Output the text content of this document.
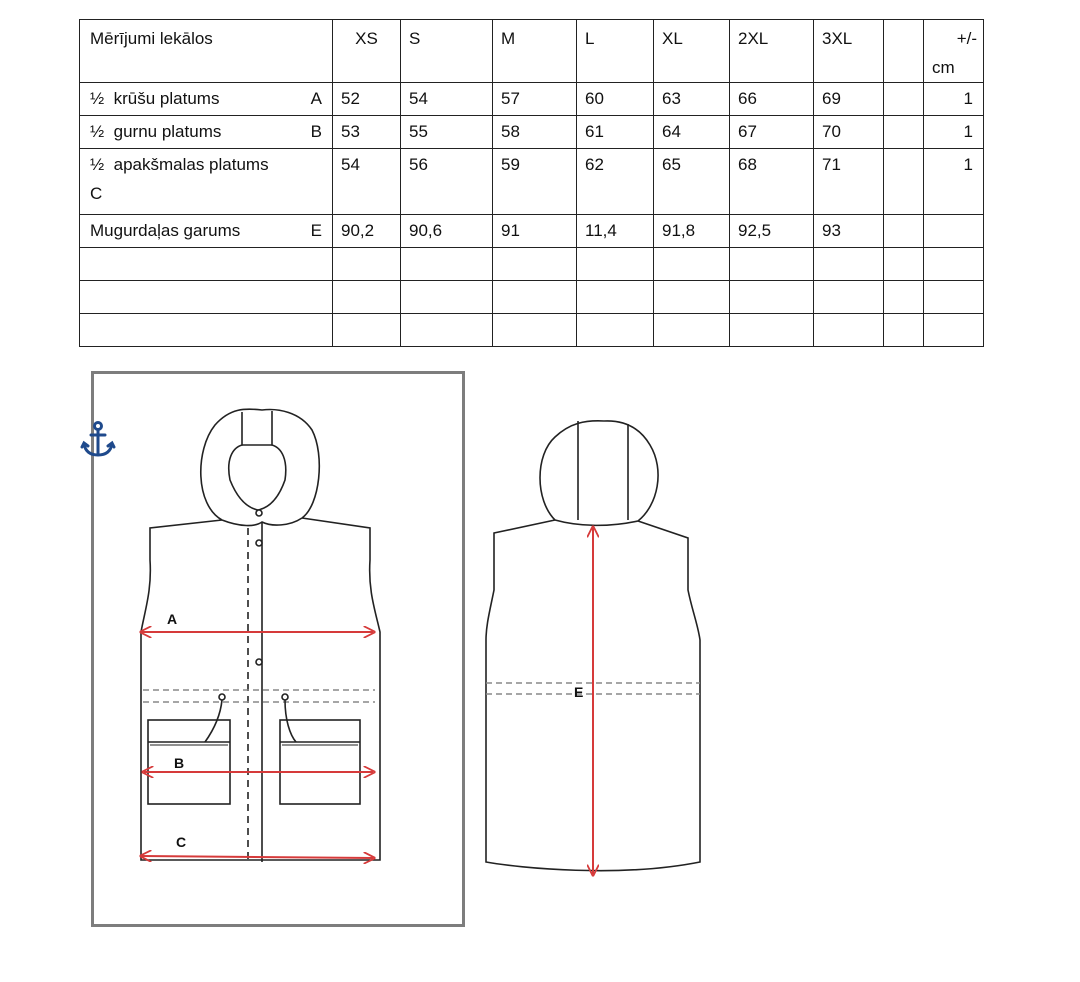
Mērījumi lekālos	XS	S	M	L	XL	2XL	3XL		+/-
cm

½  krūšu platums A	52	54	57	60	63	66	69		1

½  gurnu platums B	53	55	58	61	64	67	70		1

½  apakšmalas platums
C	54	56	59	62	65	68	71		1

Mugurdaļas garums E	90,2	90,6	91	11,4	91,8	92,5	93		

A
B
C
E
